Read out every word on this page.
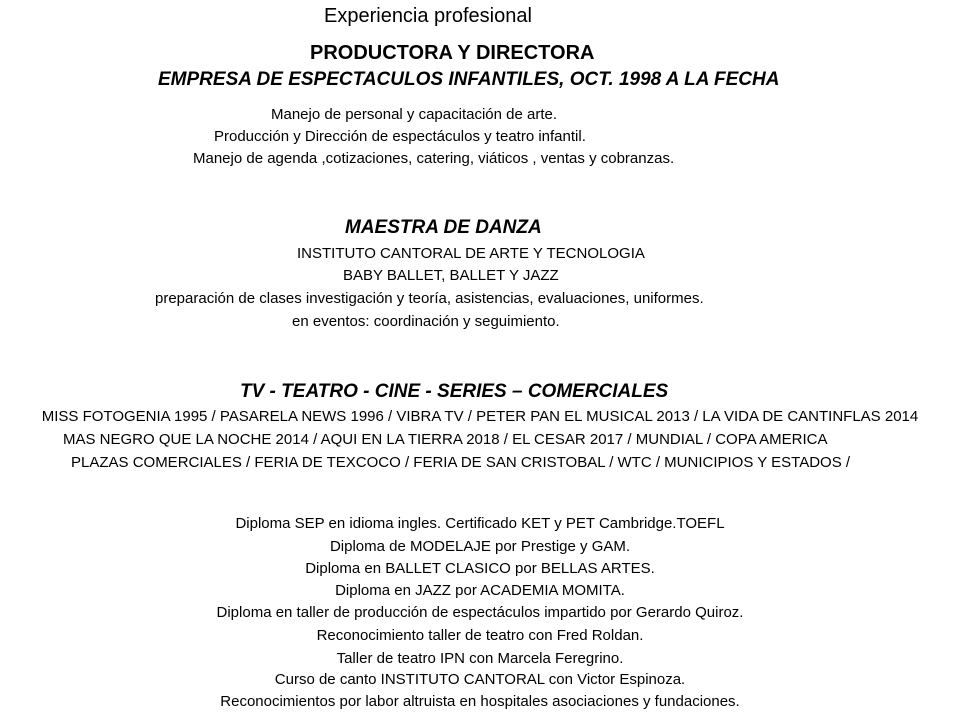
Experiencia profesional
PRODUCTORA Y DIRECTORA
EMPRESA DE ESPECTACULOS INFANTILES, OCT. 1998 A LA FECHA
Manejo de personal y capacitación de arte.
Producción y Dirección de espectáculos y teatro infantil.
Manejo de agenda ,cotizaciones, catering, viáticos , ventas y cobranzas.
MAESTRA DE DANZA
INSTITUTO CANTORAL DE ARTE Y TECNOLOGIA
BABY BALLET, BALLET Y JAZZ
preparación de clases investigación y teoría, asistencias, evaluaciones, uniformes.
en eventos: coordinación y seguimiento.
TV - TEATRO - CINE - SERIES – COMERCIALES
MISS FOTOGENIA 1995 / PASARELA NEWS 1996 / VIBRA TV / PETER PAN EL MUSICAL 2013 / LA VIDA DE CANTINFLAS 2014
MAS NEGRO QUE LA NOCHE 2014 / AQUI EN LA TIERRA 2018 / EL CESAR 2017 / MUNDIAL / COPA AMERICA
PLAZAS COMERCIALES / FERIA DE TEXCOCO / FERIA DE SAN CRISTOBAL / WTC / MUNICIPIOS Y ESTADOS /
Diploma SEP en idioma ingles. Certificado KET y PET Cambridge.TOEFL
Diploma de MODELAJE por Prestige y GAM.
Diploma en BALLET CLASICO por BELLAS ARTES.
Diploma en JAZZ por ACADEMIA MOMITA.
Diploma en taller de producción de espectáculos impartido por Gerardo Quiroz.
Reconocimiento taller de teatro con Fred Roldan.
Taller de teatro IPN con Marcela Feregrino.
Curso de canto INSTITUTO CANTORAL con Victor Espinoza.
Reconocimientos por labor altruista en hospitales asociaciones y fundaciones.
